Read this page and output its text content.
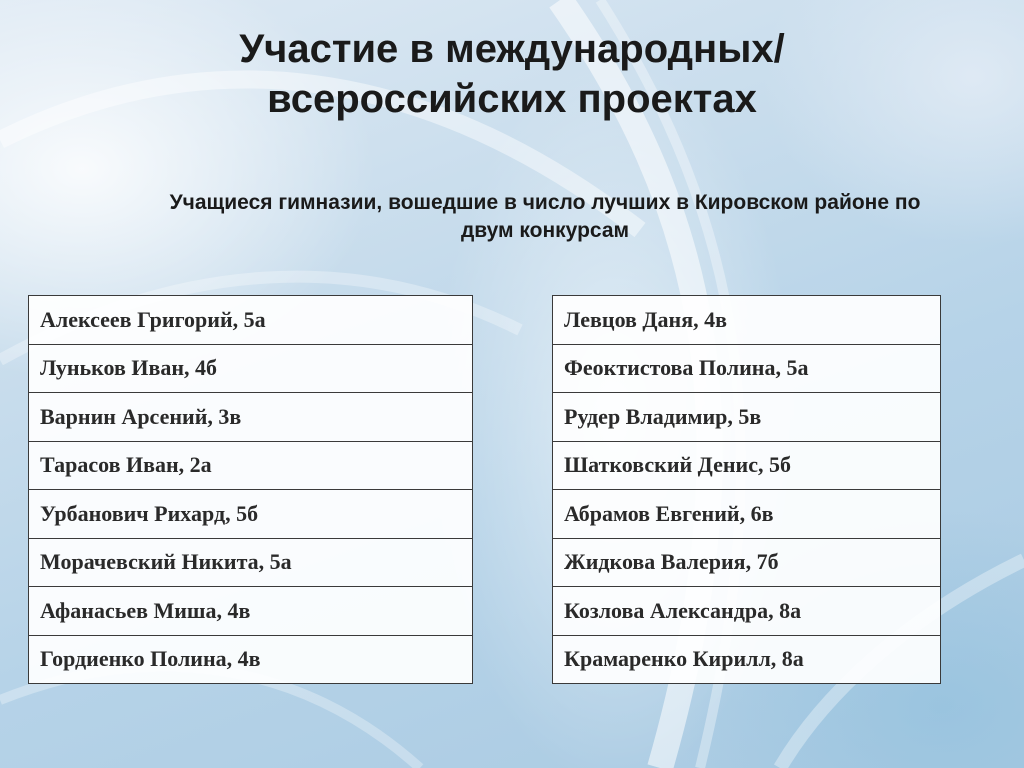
Участие в международных/всероссийских проектах

Учащиеся гимназии, вошедшие в число лучших в Кировском районе по двум конкурсам

Алексеев Григорий, 5а
Луньков Иван, 4б
Варнин Арсений, 3в
Тарасов Иван, 2а
Урбанович Рихард, 5б
Морачевский Никита, 5а
Афанасьев Миша, 4в
Гордиенко Полина, 4в
Левцов Даня, 4в
Феоктистова Полина, 5а
Рудер Владимир, 5в
Шатковский Денис, 5б
Абрамов Евгений, 6в
Жидкова Валерия, 7б
Козлова Александра, 8а
Крамаренко Кирилл, 8а
